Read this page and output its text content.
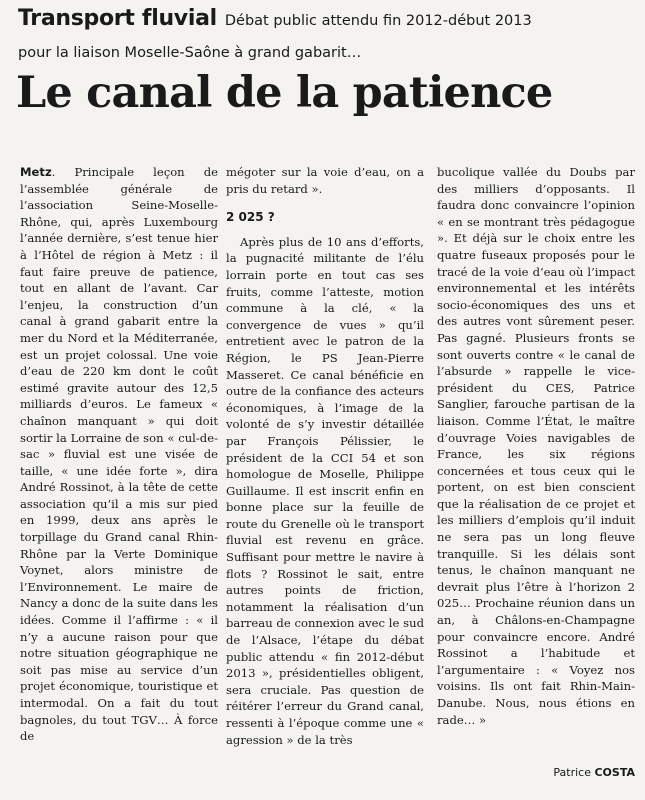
Transport fluvial Débat public attendu fin 2012-début 2013
pour la liaison Moselle-Saône à grand gabarit…
Le canal de la patience

Metz. Principale leçon de l’assemblée générale de l’association Seine-Moselle-Rhône, qui, après Luxembourg l’année dernière, s’est tenue hier à l’Hôtel de région à Metz : il faut faire preuve de patience, tout en allant de l’avant. Car l’enjeu, la construction d’un canal à grand gabarit entre la mer du Nord et la Méditerranée, est un projet colossal. Une voie d’eau de 220 km dont le coût estimé gravite autour des 12,5 milliards d’euros. Le fameux « chaînon manquant » qui doit sortir la Lorraine de son « cul-de-sac » fluvial est une visée de taille, « une idée forte », dira André Rossinot, à la tête de cette association qu’il a mis sur pied en 1999, deux ans après le torpillage du Grand canal Rhin-Rhône par la Verte Dominique Voynet, alors ministre de l’Environnement. Le maire de Nancy a donc de la suite dans les idées. Comme il l’affirme : « il n’y a aucune raison pour que notre situation géographique ne soit pas mise au service d’un projet économique, touristique et intermodal. On a fait du tout bagnoles, du tout TGV… À force de

mégoter sur la voie d’eau, on a pris du retard ».

2 025 ?

Après plus de 10 ans d’efforts, la pugnacité militante de l’élu lorrain porte en tout cas ses fruits, comme l’atteste, motion commune à la clé, « la convergence de vues » qu’il entretient avec le patron de la Région, le PS Jean-Pierre Masseret. Ce canal bénéficie en outre de la confiance des acteurs économiques, à l’image de la volonté de s’y investir détaillée par François Pélissier, le président de la CCI 54 et son homologue de Moselle, Philippe Guillaume. Il est inscrit enfin en bonne place sur la feuille de route du Grenelle où le transport fluvial est revenu en grâce. Suffisant pour mettre le navire à flots ? Rossinot le sait, entre autres points de friction, notamment la réalisation d’un barreau de connexion avec le sud de l’Alsace, l’étape du débat public attendu « fin 2012-début 2013 », présidentielles obligent, sera cruciale. Pas question de réitérer l’erreur du Grand canal, ressenti à l’époque comme une « agression » de la très

bucolique vallée du Doubs par des milliers d’opposants. Il faudra donc convaincre l’opinion « en se montrant très pédagogue ». Et déjà sur le choix entre les quatre fuseaux proposés pour le tracé de la voie d’eau où l’impact environnemental et les intérêts socio-économiques des uns et des autres vont sûrement peser. Pas gagné. Plusieurs fronts se sont ouverts contre « le canal de l’absurde » rappelle le vice-président du CES, Patrice Sanglier, farouche partisan de la liaison. Comme l’État, le maître d’ouvrage Voies navigables de France, les six régions concernées et tous ceux qui le portent, on est bien conscient que la réalisation de ce projet et les milliers d’emplois qu’il induit ne sera pas un long fleuve tranquille. Si les délais sont tenus, le chaînon manquant ne devrait plus l’être à l’horizon 2 025… Prochaine réunion dans un an, à Châlons-en-Champagne pour convaincre encore. André Rossinot a l’habitude et l’argumentaire : « Voyez nos voisins. Ils ont fait Rhin-Main-Danube. Nous, nous étions en rade… »

Patrice COSTA
